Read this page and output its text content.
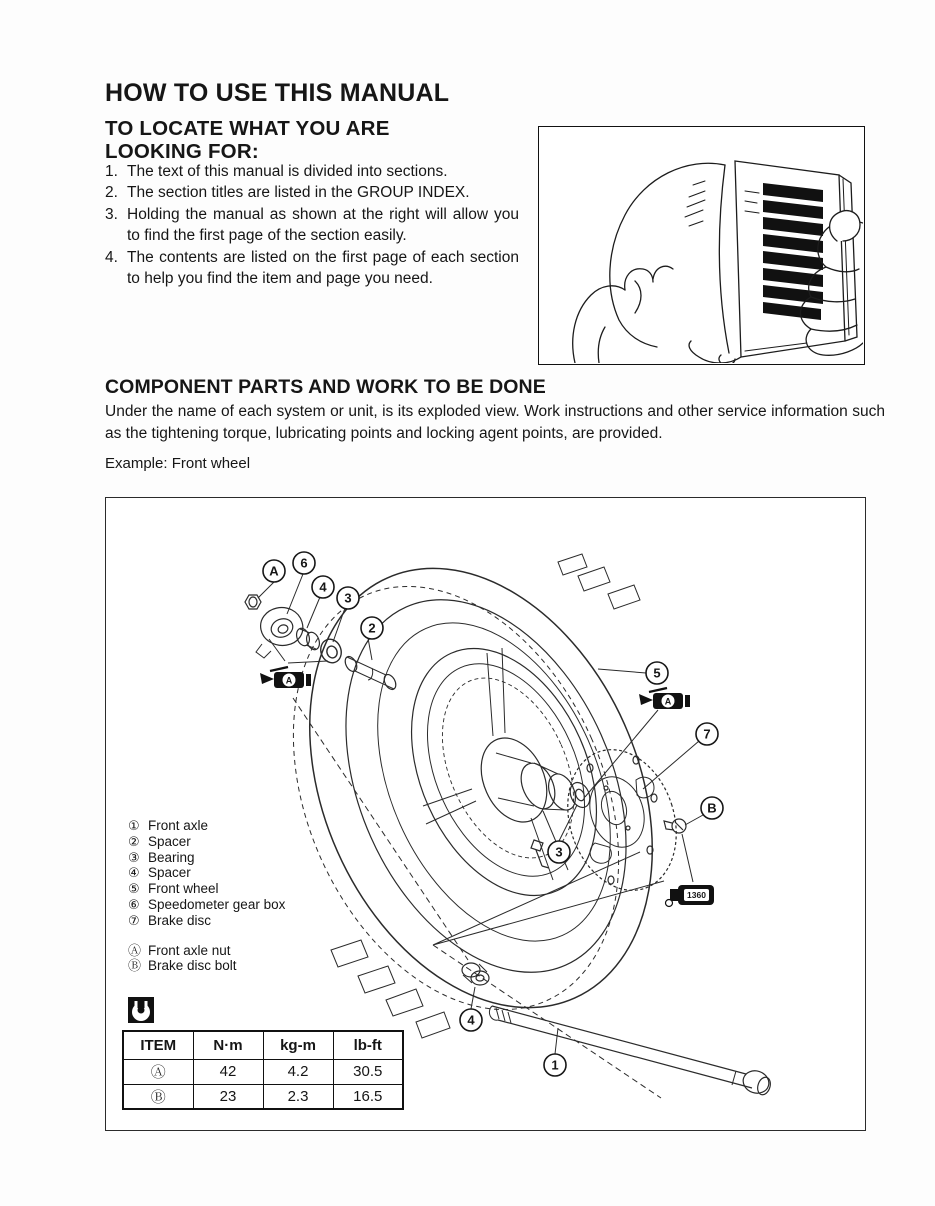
HOW TO USE THIS MANUAL
TO LOCATE WHAT YOU ARE
LOOKING FOR:
1. The text of this manual is divided into sections.
2. The section titles are listed in the GROUP INDEX.
3. Holding the manual as shown at the right will allow you to find the first page of the section easily.
4. The contents are listed on the first page of each section to help you find the item and page you need.
COMPONENT PARTS AND WORK TO BE DONE

Under the name of each system or unit, is its exploded view. Work instructions and other service information such as the tightening torque, lubricating points and locking agent points, are provided.

Example: Front wheel

A
6
4
3
2
5
7
B
3
4
1
A
A
1360
① Front axle
② Spacer
③ Bearing
④ Spacer
⑤ Front wheel
⑥ Speedometer gear box
⑦ Brake disc
Ⓐ Front axle nut
Ⓑ Brake disc bolt
ITEM	N·m	kg-m	lb-ft
Ⓐ	42	4.2	30.5
Ⓑ	23	2.3	16.5
